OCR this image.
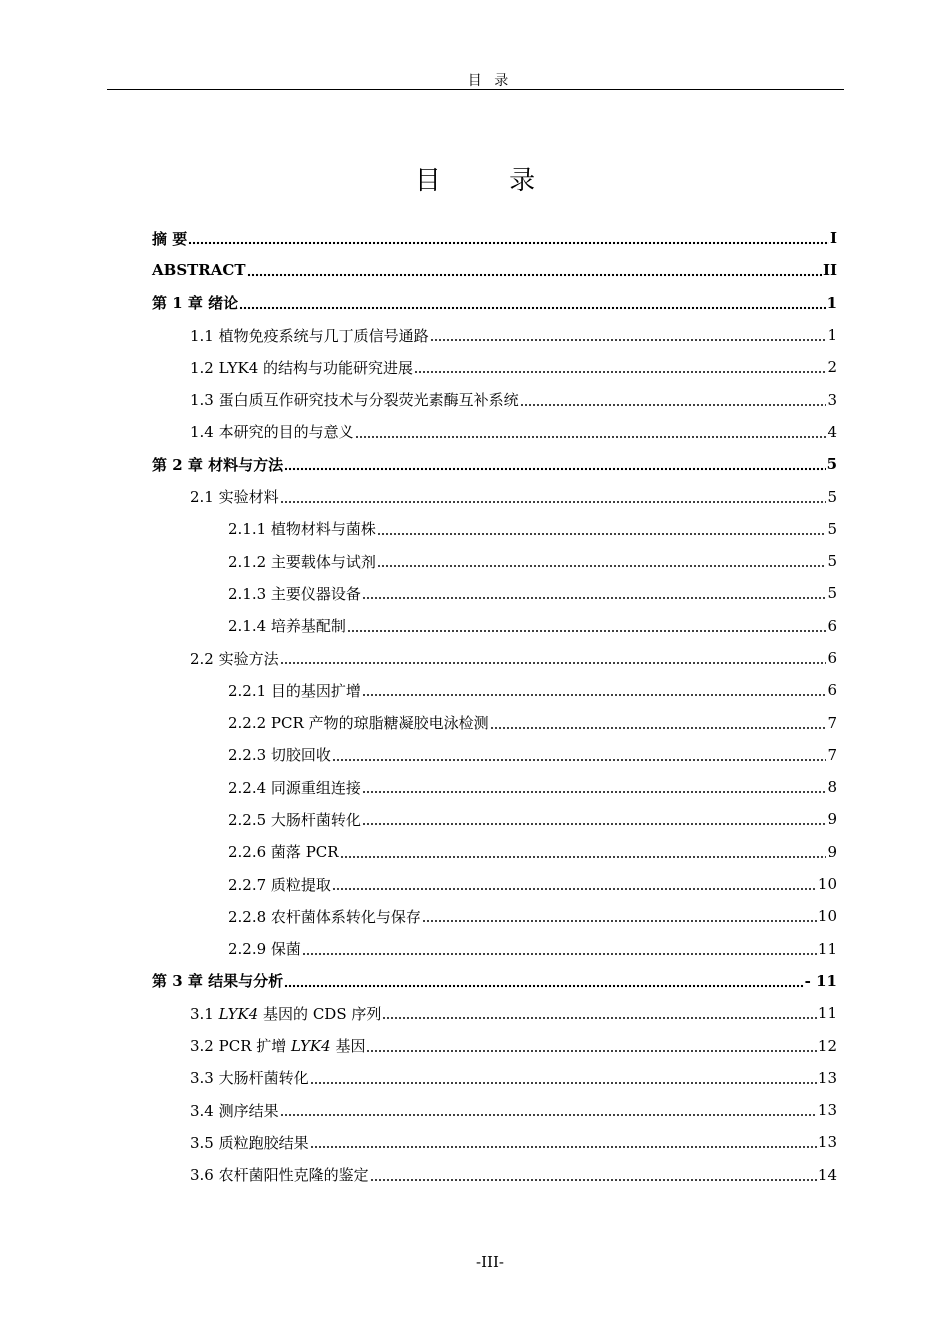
目 录
目 录
摘 要	I
ABSTRACT	II
第 1 章 绪论	1
1.1 植物免疫系统与几丁质信号通路	1
1.2 LYK4 的结构与功能研究进展	2
1.3 蛋白质互作研究技术与分裂荧光素酶互补系统	3
1.4 本研究的目的与意义	4
第 2 章 材料与方法	5
2.1 实验材料	5
2.1.1 植物材料与菌株	5
2.1.2 主要载体与试剂	5
2.1.3 主要仪器设备	5
2.1.4 培养基配制	6
2.2 实验方法	6
2.2.1 目的基因扩增	6
2.2.2 PCR 产物的琼脂糖凝胶电泳检测	7
2.2.3 切胶回收	7
2.2.4 同源重组连接	8
2.2.5 大肠杆菌转化	9
2.2.6 菌落 PCR	9
2.2.7 质粒提取	10
2.2.8 农杆菌体系转化与保存	10
2.2.9 保菌	11
第 3 章 结果与分析	- 11
3.1 LYK4 基因的 CDS 序列	11
3.2 PCR 扩增 LYK4 基因	12
3.3 大肠杆菌转化	13
3.4 测序结果	13
3.5 质粒跑胶结果	13
3.6 农杆菌阳性克隆的鉴定	14
-III-
